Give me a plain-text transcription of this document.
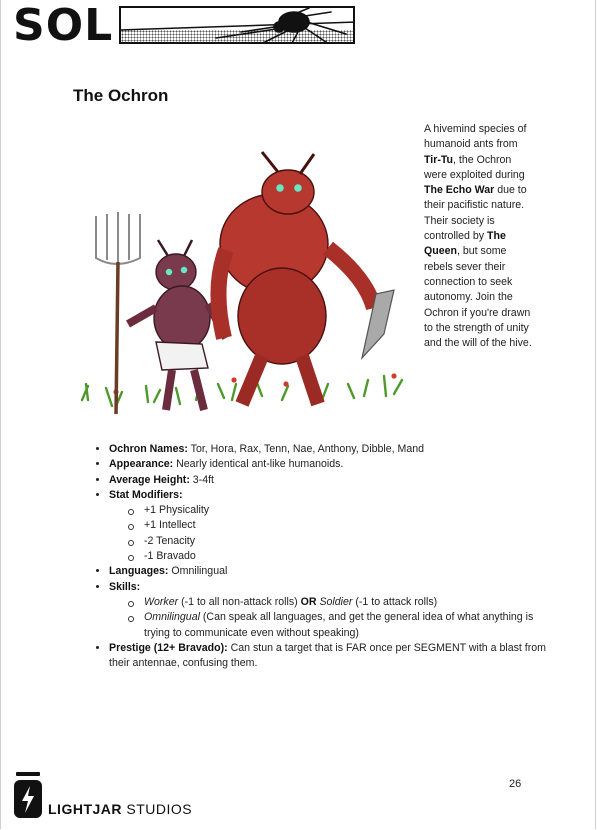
SOL
The Ochron
A hivemind species of humanoid ants from Tir-Tu, the Ochron were exploited during The Echo War due to their pacifistic nature. Their society is controlled by The Queen, but some rebels sever their connection to seek autonomy. Join the Ochron if you're drawn to the strength of unity and the will of the hive.
• Ochron Names: Tor, Hora, Rax, Tenn, Nae, Anthony, Dibble, Mand
• Appearance: Nearly identical ant-like humanoids.
• Average Height: 3-4ft
• Stat Modifiers:
+1 Physicality
+1 Intellect
-2 Tenacity
-1 Bravado
• Languages: Omnilingual
• Skills:
Worker (-1 to all non-attack rolls) OR Soldier (-1 to attack rolls)
Omnilingual (Can speak all languages, and get the general idea of what anything is trying to communicate even without speaking)
• Prestige (12+ Bravado): Can stun a target that is FAR once per SEGMENT with a blast from their antennae, confusing them.
26
LIGHTJAR STUDIOS
